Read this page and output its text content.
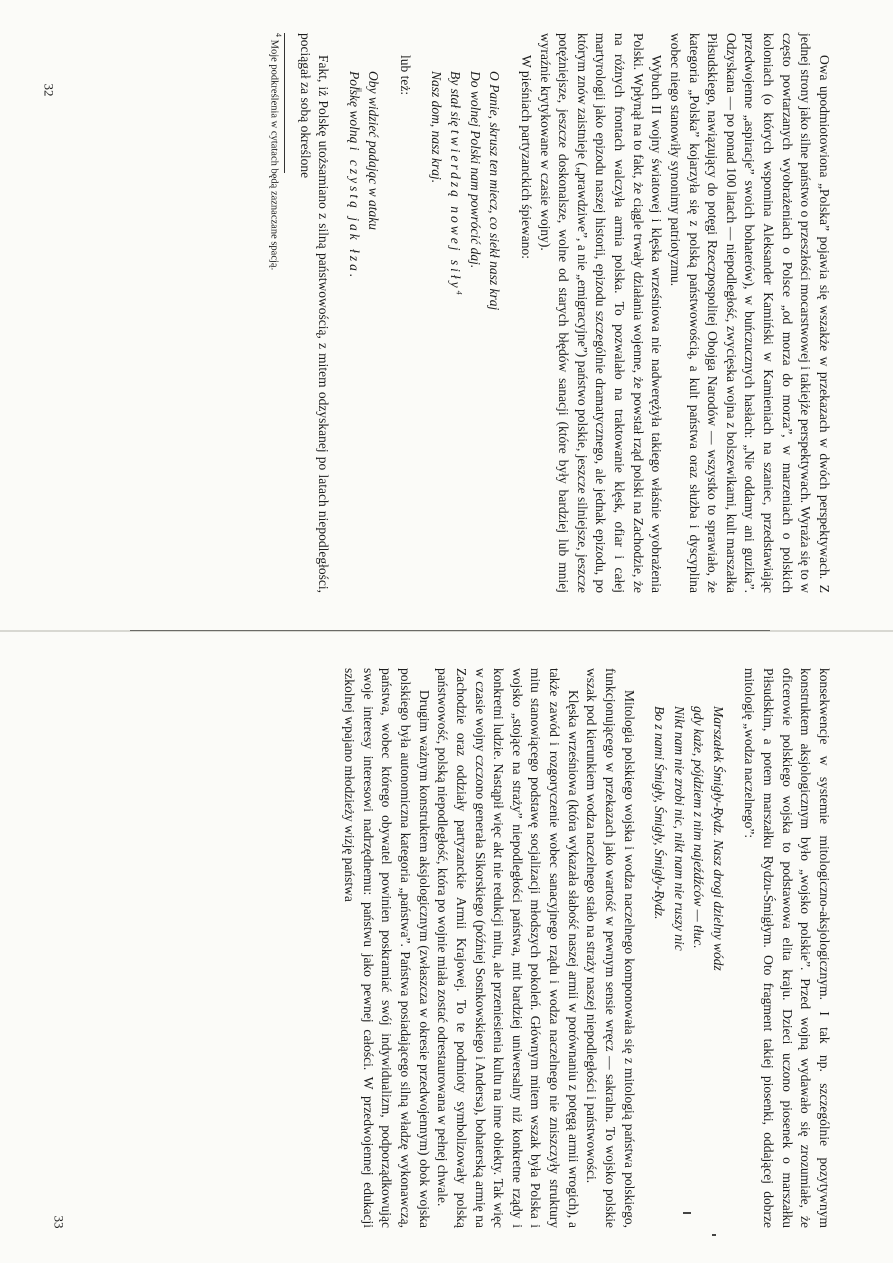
Owa upodmiotowiona „Polska” pojawia się wszakże w przekazach w dwóch perspektywach. Z jednej strony jako silne państwo o przeszłości mocarstwowej i takiejże perspektywach. Wyraża się to w często powtarzanych wyobrażeniach o Polsce „od morza do morza”, w marzeniach o polskich koloniach (o których wspomina Aleksander Kamiński w Kamieniach na szaniec, przedstawiając przedwojenne „aspiracje” swoich bohaterów), w buńczucznych hasłach: „Nie oddamy ani guzika”. Odzyskana — po ponad 100 latach — niepodległość, zwycięska wojna z bolszewikami, kult marszałka Piłsudskiego, nawiązujący do potęgi Rzeczpospolitej Obojga Narodów — wszystko to sprawiało, że kategoria „Polska” kojarzyła się z polską państwowością, a kult państwa oraz służba i dyscyplina wobec niego stanowiły synonimy patriotyzmu.

Wybuch II wojny światowej i klęska wrześniowa nie nadwerężyła takiego właśnie wyobrażenia Polski. Wpłynął na to fakt, że ciągle trwały działania wojenne, że powstał rząd polski na Zachodzie, że na różnych frontach walczyła armia polska. To pozwalało na traktowanie klęsk, ofiar i całej martyrologii jako epizodu naszej historii, epizodu szczególnie dramatycznego, ale jednak epizodu, po którym znów zaistnieje („prawdziwe”, a nie „emigracyjne”) państwo polskie, jeszcze silniejsze, jeszcze potężniejsze, jeszcze doskonalsze, wolne od starych błędów sanacji (które były bardziej lub mniej wyraźnie krytykowane w czasie wojny).

W pieśniach partyzanckich śpiewano:

O Panie, skrusz ten miecz, co siekł nasz kraj
Do wolnej Polski nam powrócić daj.
By stał się twierdzą nowej siły$^4$
Nasz dom, nasz kraj.

lub też:

Oby widzieć padając w ataku
Polskę wolną i czystą jak łza.

Fakt, iż Polskę utożsamiano z silną państwowością, z mitem odzyskanej po latach niepodległości, pociągał za sobą określone

$^4$ Moje podkreślenia w cytatach będą zaznaczane spacją.

32

konsekwencje w systemie mitologiczno-aksjologicznym. I tak np. szczególnie pozytywnym konstruktem aksjologicznym było „wojsko polskie”. Przed wojną wydawało się zrozumiałe, że oficerowie polskiego wojska to podstawowa elita kraju. Dzieci uczono piosenek o marszałku Piłsudskim, a potem marszałku Rydzu-Śmigłym. Oto fragment takiej piosenki, oddającej dobrze mitologię „wodza naczelnego”:

Marszałek Śmigły-Rydz. Nasz drogi dzielny wódz
gdy każe, pójdziem z nim najeźdźców — tłuc.
Nikt nam nie zrobi nic, nikt nam nie ruszy nic
Bo z nami Śmigły, Śmigły, Śmigły-Rydz.

Mitologia polskiego wojska i wodza naczelnego komponowała się z mitologią państwa polskiego, funkcjonującego w przekazach jako wartość w pewnym sensie wręcz — sakralna. To wojsko polskie wszak pod kierunkiem wodza naczelnego stało na straży naszej niepodległości i państwowości.

Klęska wrześniowa (która wykazała słabość naszej armii w porównaniu z potęgą armii wrogich), a także zawód i rozgoryczenie wobec sanacyjnego rządu i wodza naczelnego nie zniszczyły struktury mitu stanowiącego podstawę socjalizacji młodszych pokoleń. Głównym mitem wszak była Polska i wojsko „stojące na straży” niepodległości państwa, mit bardziej uniwersalny niż konkretne rządy i konkretni ludzie. Nastąpił więc akt nie redukcji mitu, ale przeniesienia kultu na inne obiekty. Tak więc w czasie wojny czczono generała Sikorskiego (później Sosnkowskiego i Andersa), bohaterską armię na Zachodzie oraz oddziały partyzanckie Armii Krajowej. To te podmioty symbolizowały polską państwowość, polską niepodległość, która po wojnie miała zostać odrestaurowana w pełnej chwale.

Drugim ważnym konstruktem aksjologicznym (zwłaszcza w okresie przedwojennym) obok wojska polskiego była autonomiczna kategoria „państwa”. Państwa posiadającego silną władzę wykonawczą, państwa, wobec którego obywatel powinien poskramiać swój indywidualizm, podporządkowując swoje interesy interesowi nadrzędnemu: państwu jako pewnej całości. W przedwojennej edukacji szkolnej wpajano młodzieży wizję państwa

33
